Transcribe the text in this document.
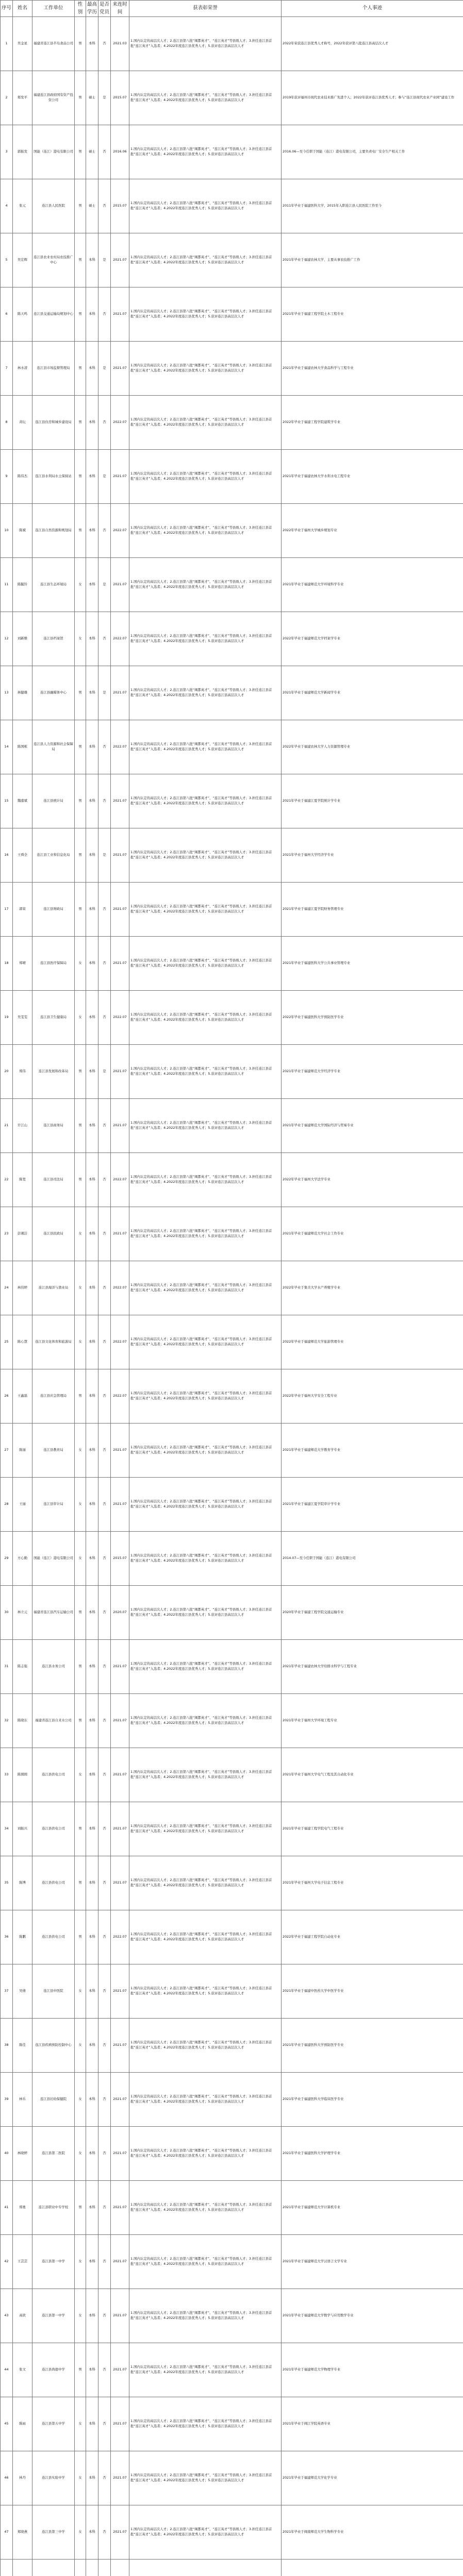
序号	姓名	工作单位	性别	最高学历	是否党员	来连时间	获表彰荣誉	个人事迹
1	吴金星	福建省连江县半岛食品公司	男	本科	否	2021.03	1.国内认定的高层次人才；2.连江县第八批“闽都英才”、“连江英才”等县级人才；3.担任连江县首批“连江英才”入选者；4.2022年度连江县优秀人才；5.获评连江县高层次人才	2022年荣获连江县优秀人才称号，2022年获评第八批连江县高层次人才
2	郑发平	福建连江县政府国有资产投资公司	男	硕士	是	2015.07	1.国内认定的高层次人才；2.连江县第八批“闽都英才”、“连江英才”等县级人才；3.担任连江县首批“连江英才”入选者；4.2022年度连江县优秀人才；5.获评连江县高层次人才	2019年获评福州市现代农业技术推广先进个人；2022年获评连江县优秀人才；参与“连江县现代农业产业园”建设工作
3	郭振发	国能（连江）港电有限公司	男	硕士	否	2016.06	1.国内认定的高层次人才；2.连江县第八批“闽都英才”、“连江英才”等县级人才；3.担任连江县首批“连江英才”入选者；4.2022年度连江县优秀人才；5.获评连江县高层次人才	2016.06—至今任职于国能（连江）港电有限公司，主要负责电厂安全生产相关工作
4	张元	连江县人民医院	男	硕士	否	2015.07	1.国内认定的高层次人才；2.连江县第八批“闽都英才”、“连江英才”等县级人才；3.担任连江县首批“连江英才”入选者；4.2022年度连江县优秀人才；5.获评连江县高层次人才	2011年毕业于福建医科大学，2015年入职连江县人民医院工作至今
5	吴宏辉	连江县农业农村局农技推广中心	男	本科	是	2021.07	1.国内认定的高层次人才；2.连江县第八批“闽都英才”、“连江英才”等县级人才；3.担任连江县首批“连江英才”入选者；4.2022年度连江县优秀人才；5.获评连江县高层次人才	2021年毕业于福建农林大学，主要从事农技推广工作
6	陈天鸣	连江县交通运输局规划中心	男	本科	否	2021.07	1.国内认定的高层次人才；2.连江县第八批“闽都英才”、“连江英才”等县级人才；3.担任连江县首批“连江英才”入选者；4.2022年度连江县优秀人才；5.获评连江县高层次人才	2021年毕业于福建工程学院土木工程专业
7	林水清	连江县市场监督管理局	男	本科	是	2021.07	1.国内认定的高层次人才；2.连江县第八批“闽都英才”、“连江英才”等县级人才；3.担任连江县首批“连江英才”入选者；4.2022年度连江县优秀人才；5.获评连江县高层次人才	2021年毕业于福建农林大学食品科学与工程专业
8	黄坛	连江县住房和城乡建设局	男	本科	否	2022.07	1.国内认定的高层次人才；2.连江县第八批“闽都英才”、“连江英才”等县级人才；3.担任连江县首批“连江英才”入选者；4.2022年度连江县优秀人才；5.获评连江县高层次人才	2022年毕业于福建工程学院建筑学专业
9	陈伟杰	连江县水利局水土保持站	男	本科	是	2021.07	1.国内认定的高层次人才；2.连江县第八批“闽都英才”、“连江英才”等县级人才；3.担任连江县首批“连江英才”入选者；4.2022年度连江县优秀人才；5.获评连江县高层次人才	2021年毕业于福建农林大学水利水电工程专业
10	陈斌	连江县自然资源和规划局	男	本科	否	2022.07	1.国内认定的高层次人才；2.连江县第八批“闽都英才”、“连江英才”等县级人才；3.担任连江县首批“连江英才”入选者；4.2022年度连江县优秀人才；5.获评连江县高层次人才	2022年毕业于福州大学城乡规划专业
11	陈毓铃	连江县生态环境局	女	本科	是	2021.07	1.国内认定的高层次人才；2.连江县第八批“闽都英才”、“连江英才”等县级人才；3.担任连江县首批“连江英才”入选者；4.2022年度连江县优秀人才；5.获评连江县高层次人才	2021年毕业于福建师范大学环境科学专业
12	刘新雅	连江县档案馆	女	本科	否	2022.07	1.国内认定的高层次人才；2.连江县第八批“闽都英才”、“连江英才”等县级人才；3.担任连江县首批“连江英才”入选者；4.2022年度连江县优秀人才；5.获评连江县高层次人才	2022年毕业于福建师范大学档案学专业
13	林健雄	连江县融媒体中心	男	本科	是	2021.07	1.国内认定的高层次人才；2.连江县第八批“闽都英才”、“连江英才”等县级人才；3.担任连江县首批“连江英才”入选者；4.2022年度连江县优秀人才；5.获评连江县高层次人才	2021年毕业于福建师范大学新闻学专业
14	陈国栋	连江县人力资源和社会保障局	男	本科	否	2022.07	1.国内认定的高层次人才；2.连江县第八批“闽都英才”、“连江英才”等县级人才；3.担任连江县首批“连江英才”入选者；4.2022年度连江县优秀人才；5.获评连江县高层次人才	2022年毕业于福建农林大学人力资源管理专业
15	魏嘉斌	连江县统计局	男	本科	否	2021.07	1.国内认定的高层次人才；2.连江县第八批“闽都英才”、“连江英才”等县级人才；3.担任连江县首批“连江英才”入选者；4.2022年度连江县优秀人才；5.获评连江县高层次人才	2021年毕业于福建江夏学院统计学专业
16	王舜全	连江县工业和信息化局	男	本科	是	2021.07	1.国内认定的高层次人才；2.连江县第八批“闽都英才”、“连江英才”等县级人才；3.担任连江县首批“连江英才”入选者；4.2022年度连江县优秀人才；5.获评连江县高层次人才	2021年毕业于福州大学经济学专业
17	郭荣	连江县财政局	男	本科	否	2021.07	1.国内认定的高层次人才；2.连江县第八批“闽都英才”、“连江英才”等县级人才；3.担任连江县首批“连江英才”入选者；4.2022年度连江县优秀人才；5.获评连江县高层次人才	2021年毕业于福建江夏学院财务管理专业
18	郑晴	连江县医疗保障局	女	本科	否	2021.07	1.国内认定的高层次人才；2.连江县第八批“闽都英才”、“连江英才”等县级人才；3.担任连江县首批“连江英才”入选者；4.2022年度连江县优秀人才；5.获评连江县高层次人才	2021年毕业于福建医科大学公共事业管理专业
19	吴雯雯	连江县卫生健康局	女	本科	否	2022.07	1.国内认定的高层次人才；2.连江县第八批“闽都英才”、“连江英才”等县级人才；3.担任连江县首批“连江英才”入选者；4.2022年度连江县优秀人才；5.获评连江县高层次人才	2022年毕业于福建医科大学预防医学专业
20	郑伟	连江县发展和改革局	男	本科	是	2021.07	1.国内认定的高层次人才；2.连江县第八批“闽都英才”、“连江英才”等县级人才；3.担任连江县首批“连江英才”入选者；4.2022年度连江县优秀人才；5.获评连江县高层次人才	2021年毕业于福建师范大学经济学专业
21	许江山	连江县商务局	男	本科	否	2021.07	1.国内认定的高层次人才；2.连江县第八批“闽都英才”、“连江英才”等县级人才；3.担任连江县首批“连江英才”入选者；4.2022年度连江县优秀人才；5.获评连江县高层次人才	2021年毕业于福建师范大学国际经济与贸易专业
22	陈宽	连江县司法局	男	本科	否	2022.07	1.国内认定的高层次人才；2.连江县第八批“闽都英才”、“连江英才”等县级人才；3.担任连江县首批“连江英才”入选者；4.2022年度连江县优秀人才；5.获评连江县高层次人才	2022年毕业于福州大学法学专业
23	彭湘洁	连江县民政局	女	本科	否	2021.07	1.国内认定的高层次人才；2.连江县第八批“闽都英才”、“连江英才”等县级人才；3.担任连江县首批“连江英才”入选者；4.2022年度连江县优秀人才；5.获评连江县高层次人才	2021年毕业于福建师范大学社会工作专业
24	林伟婷	连江县海洋与渔业局	女	本科	否	2022.07	1.国内认定的高层次人才；2.连江县第八批“闽都英才”、“连江英才”等县级人才；3.担任连江县首批“连江英才”入选者；4.2022年度连江县优秀人才；5.获评连江县高层次人才	2022年毕业于集美大学水产养殖学专业
25	陈心慧	连江县文化体育和旅游局	女	本科	否	2022.07	1.国内认定的高层次人才；2.连江县第八批“闽都英才”、“连江英才”等县级人才；3.担任连江县首批“连江英才”入选者；4.2022年度连江县优秀人才；5.获评连江县高层次人才	2022年毕业于福建师范大学旅游管理专业
26	王鑫磊	连江县应急管理局	男	本科	否	2022.07	1.国内认定的高层次人才；2.连江县第八批“闽都英才”、“连江英才”等县级人才；3.担任连江县首批“连江英才”入选者；4.2022年度连江县优秀人才；5.获评连江县高层次人才	2022年毕业于福州大学安全工程专业
27	陈丽	连江县教育局	女	本科	否	2021.07	1.国内认定的高层次人才；2.连江县第八批“闽都英才”、“连江英才”等县级人才；3.担任连江县首批“连江英才”入选者；4.2022年度连江县优秀人才；5.获评连江县高层次人才	2021年毕业于福建师范大学教育学专业
28	王丽	连江县审计局	女	本科	否	2021.07	1.国内认定的高层次人才；2.连江县第八批“闽都英才”、“连江英才”等县级人才；3.担任连江县首批“连江英才”入选者；4.2022年度连江县优秀人才；5.获评连江县高层次人才	2021年毕业于福建江夏学院审计学专业
29	方心勤	国能（连江）港电有限公司	女	本科	否	2015.07	1.国内认定的高层次人才；2.连江县第八批“闽都英才”、“连江英才”等县级人才；3.担任连江县首批“连江英才”入选者；4.2022年度连江县优秀人才；5.获评连江县高层次人才	2014.07—至今任职于国能（连江）港电有限公司
30	林立元	福建省连江县汽车运输公司	男	本科	否	2020.07	1.国内认定的高层次人才；2.连江县第八批“闽都英才”、“连江英才”等县级人才；3.担任连江县首批“连江英才”入选者；4.2022年度连江县优秀人才；5.获评连江县高层次人才	2020年毕业于福建工程学院交通运输专业
31	陈志强	连江县水务公司	男	本科	否	2021.07	1.国内认定的高层次人才；2.连江县第八批“闽都英才”、“连江英才”等县级人才；3.担任连江县首批“连江英才”入选者；4.2022年度连江县优秀人才；5.获评连江县高层次人才	2021年毕业于福建农林大学给排水科学与工程专业
32	陈晓东	福建省连江县自来水公司	男	本科	否	2021.07	1.国内认定的高层次人才；2.连江县第八批“闽都英才”、“连江英才”等县级人才；3.担任连江县首批“连江英才”入选者；4.2022年度连江县优秀人才；5.获评连江县高层次人才	2021年毕业于福州大学环境工程专业
33	陈圆圆	连江县供电公司	女	本科	否	2021.07	1.国内认定的高层次人才；2.连江县第八批“闽都英才”、“连江英才”等县级人才；3.担任连江县首批“连江英才”入选者；4.2022年度连江县优秀人才；5.获评连江县高层次人才	2021年毕业于福州大学电气工程及其自动化专业
34	刘振兴	连江县供电公司	男	本科	否	2021.07	1.国内认定的高层次人才；2.连江县第八批“闽都英才”、“连江英才”等县级人才；3.担任连江县首批“连江英才”入选者；4.2022年度连江县优秀人才；5.获评连江县高层次人才	2021年毕业于福建工程学院电气工程专业
35	陈博	连江县供电公司	男	本科	否	2021.07	1.国内认定的高层次人才；2.连江县第八批“闽都英才”、“连江英才”等县级人才；3.担任连江县首批“连江英才”入选者；4.2022年度连江县优秀人才；5.获评连江县高层次人才	2021年毕业于福州大学电子信息工程专业
36	陈鹏	连江县供电公司	男	本科	否	2022.07	1.国内认定的高层次人才；2.连江县第八批“闽都英才”、“连江英才”等县级人才；3.担任连江县首批“连江英才”入选者；4.2022年度连江县优秀人才；5.获评连江县高层次人才	2022年毕业于福建工程学院自动化专业
37	吴倩	连江县中医院	女	本科	否	2021.07	1.国内认定的高层次人才；2.连江县第八批“闽都英才”、“连江英才”等县级人才；3.担任连江县首批“连江英才”入选者；4.2022年度连江县优秀人才；5.获评连江县高层次人才	2021年毕业于福建中医药大学中医学专业
38	陈佳	连江县疾病预防控制中心	女	本科	否	2021.07	1.国内认定的高层次人才；2.连江县第八批“闽都英才”、“连江英才”等县级人才；3.担任连江县首批“连江英才”入选者；4.2022年度连江县优秀人才；5.获评连江县高层次人才	2021年毕业于福建医科大学预防医学专业
39	林乐	连江县妇幼保健院	女	本科	否	2021.07	1.国内认定的高层次人才；2.连江县第八批“闽都英才”、“连江英才”等县级人才；3.担任连江县首批“连江英才”入选者；4.2022年度连江县优秀人才；5.获评连江县高层次人才	2021年毕业于福建医科大学临床医学专业
40	林晓婷	连江县第二医院	女	本科	否	2021.07	1.国内认定的高层次人才；2.连江县第八批“闽都英才”、“连江英才”等县级人才；3.担任连江县首批“连江英才”入选者；4.2022年度连江县优秀人才；5.获评连江县高层次人才	2021年毕业于福建医科大学护理学专业
41	郑勇	连江县职业中专学校	男	本科	否	2021.07	1.国内认定的高层次人才；2.连江县第八批“闽都英才”、“连江英才”等县级人才；3.担任连江县首批“连江英才”入选者；4.2022年度连江县优秀人才；5.获评连江县高层次人才	2021年毕业于福建师范大学计算机专业
42	王芸芸	连江县第一中学	女	本科	否	2021.07	1.国内认定的高层次人才；2.连江县第八批“闽都英才”、“连江英才”等县级人才；3.担任连江县首批“连江英才”入选者；4.2022年度连江县优秀人才；5.获评连江县高层次人才	2021年毕业于福建师范大学汉语言文学专业
43	高欣	连江县第一中学	女	本科	否	2021.07	1.国内认定的高层次人才；2.连江县第八批“闽都英才”、“连江英才”等县级人才；3.担任连江县首批“连江英才”入选者；4.2022年度连江县优秀人才；5.获评连江县高层次人才	2021年毕业于福建师范大学数学与应用数学专业
44	张文	连江县尚德中学	男	本科	否	2021.07	1.国内认定的高层次人才；2.连江县第八批“闽都英才”、“连江英才”等县级人才；3.担任连江县首批“连江英才”入选者；4.2022年度连江县优秀人才；5.获评连江县高层次人才	2021年毕业于福建师范大学物理学专业
45	陈雨	连江县第五中学	女	本科	否	2021.07	1.国内认定的高层次人才；2.连江县第八批“闽都英才”、“连江英才”等县级人才；3.担任连江县首批“连江英才”入选者；4.2022年度连江县优秀人才；5.获评连江县高层次人才	2021年毕业于闽江学院英语专业
46	林丹	连江县实验中学	女	本科	否	2021.07	1.国内认定的高层次人才；2.连江县第八批“闽都英才”、“连江英才”等县级人才；3.担任连江县首批“连江英才”入选者；4.2022年度连江县优秀人才；5.获评连江县高层次人才	2021年毕业于福建师范大学化学专业
47	郑晓燕	连江县第三中学	女	本科	否	2021.07	1.国内认定的高层次人才；2.连江县第八批“闽都英才”、“连江英才”等县级人才；3.担任连江县首批“连江英才”入选者；4.2022年度连江县优秀人才；5.获评连江县高层次人才	2021年毕业于闽南师范大学生物科学专业
